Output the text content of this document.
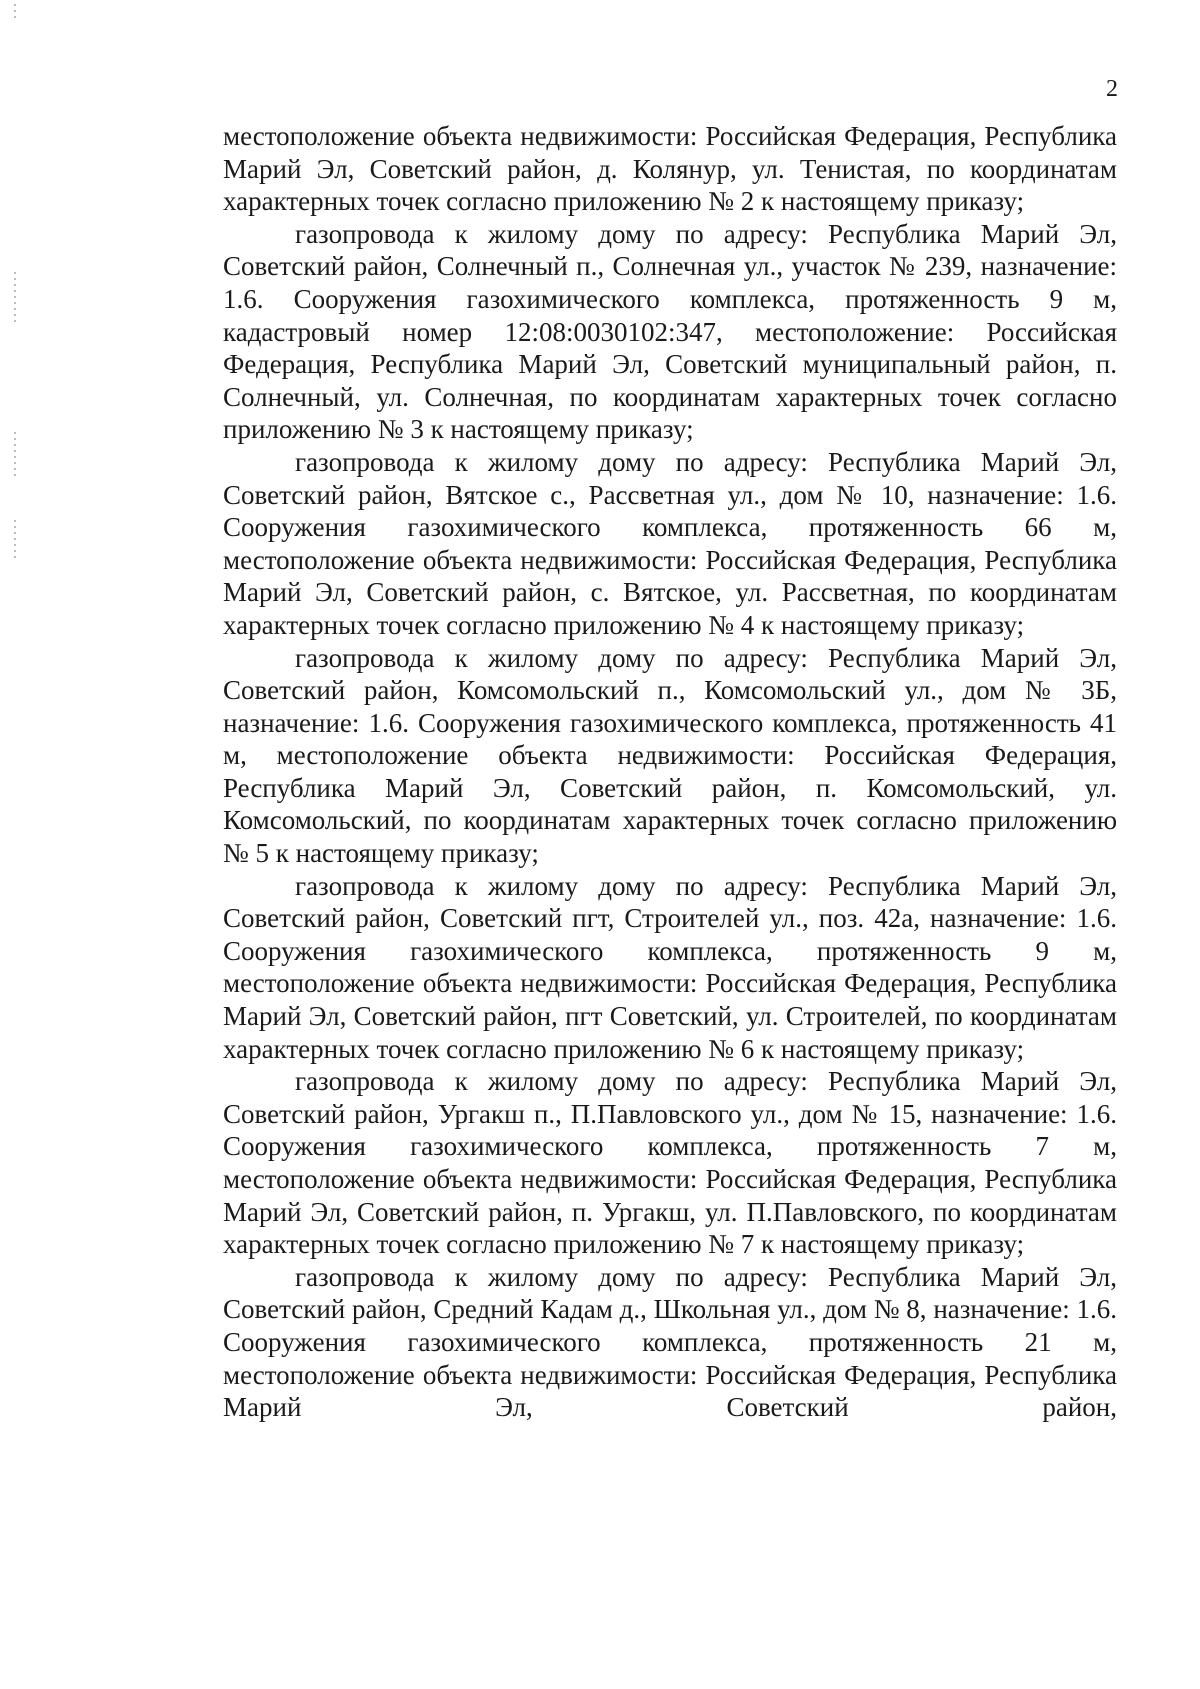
2

местоположение объекта недвижимости: Российская Федерация, Республика Марий Эл, Советский район, д. Колянур, ул. Тенистая, по координатам характерных точек согласно приложению № 2 к настоящему приказу;

газопровода к жилому дому по адресу: Республика Марий Эл, Советский район, Солнечный п., Солнечная ул., участок № 239, назначение: 1.6. Сооружения газохимического комплекса, протяженность 9 м, кадастровый номер 12:08:0030102:347, местоположение: Российская Федерация, Республика Марий Эл, Советский муниципальный район, п. Солнечный, ул. Солнечная, по координатам характерных точек согласно приложению № 3 к настоящему приказу;

газопровода к жилому дому по адресу: Республика Марий Эл, Советский район, Вятское с., Рассветная ул., дом № 10, назначение: 1.6. Сооружения газохимического комплекса, протяженность 66 м, местоположение объекта недвижимости: Российская Федерация, Республика Марий Эл, Советский район, с. Вятское, ул. Рассветная, по координатам характерных точек согласно приложению № 4 к настоящему приказу;

газопровода к жилому дому по адресу: Республика Марий Эл, Советский район, Комсомольский п., Комсомольский ул., дом № 3Б, назначение: 1.6. Сооружения газохимического комплекса, протяженность 41 м, местоположение объекта недвижимости: Российская Федерация, Республика Марий Эл, Советский район, п. Комсомольский, ул. Комсомольский, по координатам характерных точек согласно приложению № 5 к настоящему приказу;

газопровода к жилому дому по адресу: Республика Марий Эл, Советский район, Советский пгт, Строителей ул., поз. 42а, назначение: 1.6. Сооружения газохимического комплекса, протяженность 9 м, местоположение объекта недвижимости: Российская Федерация, Республика Марий Эл, Советский район, пгт Советский, ул. Строителей, по координатам характерных точек согласно приложению № 6 к настоящему приказу;

газопровода к жилому дому по адресу: Республика Марий Эл, Советский район, Ургакш п., П.Павловского ул., дом № 15, назначение: 1.6. Сооружения газохимического комплекса, протяженность 7 м, местоположение объекта недвижимости: Российская Федерация, Республика Марий Эл, Советский район, п. Ургакш, ул. П.Павловского, по координатам характерных точек согласно приложению № 7 к настоящему приказу;

газопровода к жилому дому по адресу: Республика Марий Эл, Советский район, Средний Кадам д., Школьная ул., дом № 8, назначение: 1.6. Сооружения газохимического комплекса, протяженность 21 м, местоположение объекта недвижимости: Российская Федерация, Республика Марий Эл, Советский район,
